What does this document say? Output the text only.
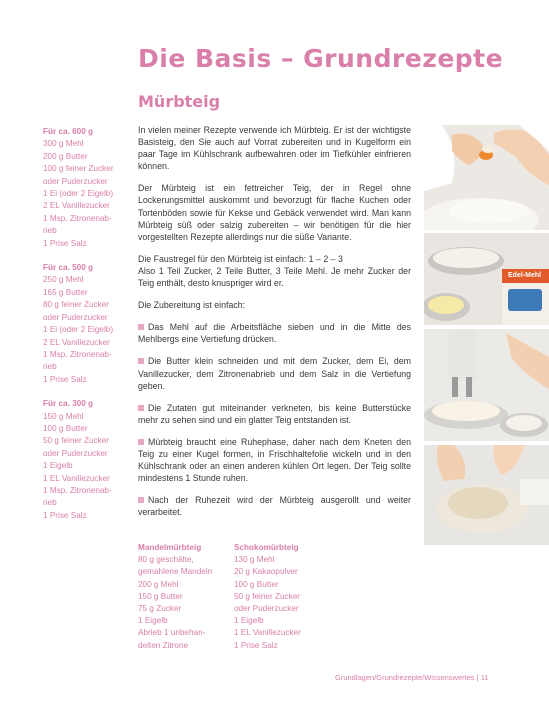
Die Basis – Grundrezepte
Mürbteig
Für ca. 600 g
300 g Mehl
200 g Butter
100 g feiner Zucker
oder Puderzucker
1 Ei (oder 2 Eigelb)
2 EL Vanillezucker
1 Msp. Zitronenab-
rieb
1 Prise Salz
Für ca. 500 g
250 g Mehl
165 g Butter
80 g feiner Zucker
oder Puderzucker
1 Ei (oder 2 Eigelb)
2 EL Vanillezucker
1 Msp. Zitronenab-
rieb
1 Prise Salz
Für ca. 300 g
150 g Mehl
100 g Butter
50 g feiner Zucker
oder Puderzucker
1 Eigelb
1 EL Vanillezucker
1 Msp. Zitronenab-
rieb
1 Prise Salz

In vielen meiner Rezepte verwende ich Mürbteig. Er ist der wichtigste Basisteig, den Sie auch auf Vorrat zubereiten und in Kugelform ein paar Tage im Kühlschrank aufbewahren oder im Tiefkühler einfrieren können.

Der Mürbteig ist ein fettreicher Teig, der in Regel ohne Lockerungsmittel auskommt und bevorzugt für flache Kuchen oder Tortenböden sowie für Kekse und Gebäck verwendet wird. Man kann Mürbteig süß oder salzig zubereiten – wir benötigen für die hier vorgestellten Rezepte allerdings nur die süße Variante.

Die Faustregel für den Mürbteig ist einfach: 1 – 2 – 3

Also 1 Teil Zucker, 2 Teile Butter, 3 Teile Mehl. Je mehr Zucker der Teig enthält, desto knuspriger wird er.

Die Zubereitung ist einfach:

Das Mehl auf die Arbeitsfläche sieben und in die Mitte des Mehlbergs eine Vertiefung drücken.

Die Butter klein schneiden und mit dem Zucker, dem Ei, dem Vanillezucker, dem Zitronenabrieb und dem Salz in die Vertiefung geben.

Die Zutaten gut miteinander verkneten, bis keine Butterstücke mehr zu sehen sind und ein glatter Teig entstanden ist.

Mürbteig braucht eine Ruhephase, daher nach dem Kneten den Teig zu einer Kugel formen, in Frischhaltefolie wickeln und in den Kühlschrank oder an einen anderen kühlen Ort legen. Der Teig sollte mindestens 1 Stunde ruhen.

Nach der Ruhezeit wird der Mürbteig ausgerollt und weiter verarbeitet.

Mandelmürbteig
80 g geschälte,
gemahlene Mandeln
200 g Mehl
150 g Butter
75 g Zucker
1 Eigelb
Abrieb 1 unbehan-
delten Zitrone
Schokomürbteig
130 g Mehl
20 g Kakaopulver
100 g Butter
50 g feiner Zucker
oder Puderzucker
1 Eigelb
1 EL Vanillezucker
1 Prise Salz
Edel-Mehl
Grundlagen/Grundrezepte/Wissenswertes | 11
